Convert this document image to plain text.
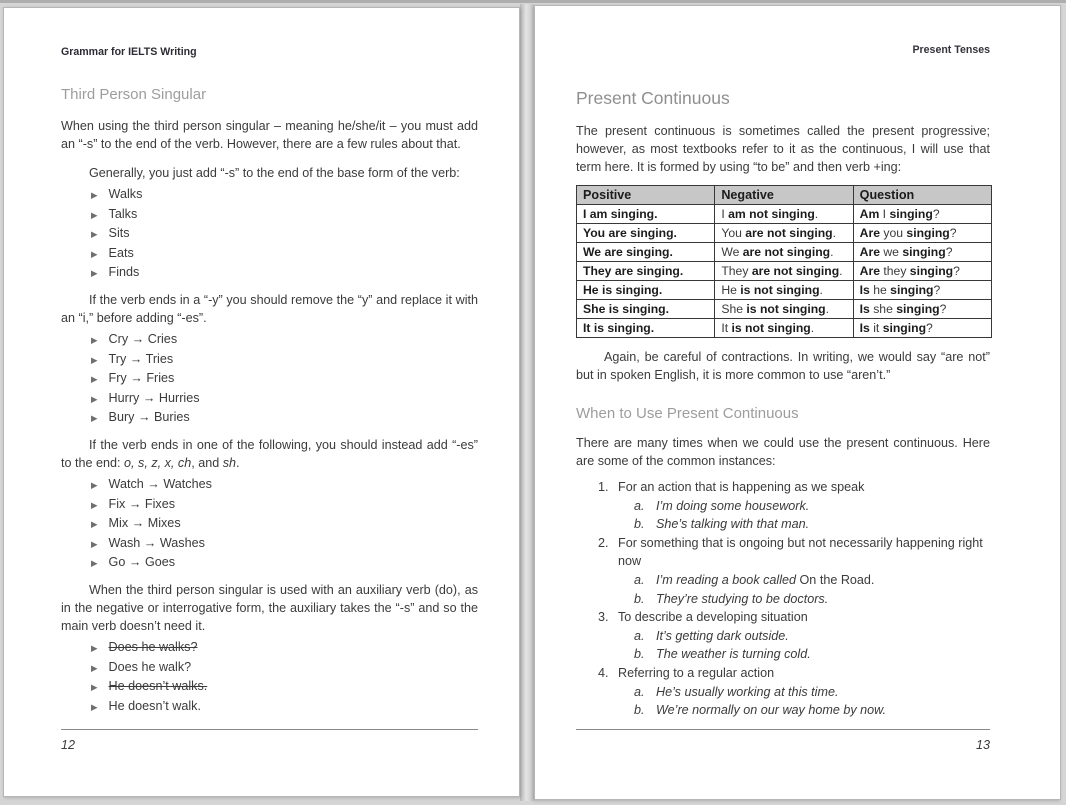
Grammar for IELTS Writing
Third Person Singular

When using the third person singular – meaning he/she/it – you must add an “-s” to the end of the verb. However, there are a few rules about that.

Generally, you just add “-s” to the end of the base form of the verb:

▶ Walks
▶ Talks
▶ Sits
▶ Eats
▶ Finds

If the verb ends in a “-y” you should remove the “y” and replace it with an “i,” before adding “-es”.

▶ Cry → Cries
▶ Try → Tries
▶ Fry → Fries
▶ Hurry → Hurries
▶ Bury → Buries

If the verb ends in one of the following, you should instead add “-es” to the end: o, s, z, x, ch, and sh.

▶ Watch → Watches
▶ Fix → Fixes
▶ Mix → Mixes
▶ Wash → Washes
▶ Go → Goes

When the third person singular is used with an auxiliary verb (do), as in the negative or interrogative form, the auxiliary takes the “-s” and so the main verb doesn’t need it.

▶ Does he walks?
▶ Does he walk?
▶ He doesn’t walks.
▶ He doesn’t walk.
12
Present Tenses
Present Continuous

The present continuous is sometimes called the present progressive; however, as most textbooks refer to it as the continuous, I will use that term here. It is formed by using “to be” and then verb +ing:

Positive	Negative	Question
I am singing.	I am not singing.	Am I singing?
You are singing.	You are not singing.	Are you singing?
We are singing.	We are not singing.	Are we singing?
They are singing.	They are not singing.	Are they singing?
He is singing.	He is not singing.	Is he singing?
She is singing.	She is not singing.	Is she singing?
It is singing.	It is not singing.	Is it singing?

Again, be careful of contractions. In writing, we would say “are not” but in spoken English, it is more common to use “aren’t.”

When to Use Present Continuous

There are many times when we could use the present continuous. Here are some of the common instances:

1. For an action that is happening as we speak
a. I’m doing some housework.
b. She’s talking with that man.
2. For something that is ongoing but not necessarily happening right now
a. I’m reading a book called On the Road.
b. They’re studying to be doctors.
3. To describe a developing situation
a. It’s getting dark outside.
b. The weather is turning cold.
4. Referring to a regular action
a. He’s usually working at this time.
b. We’re normally on our way home by now.
13
